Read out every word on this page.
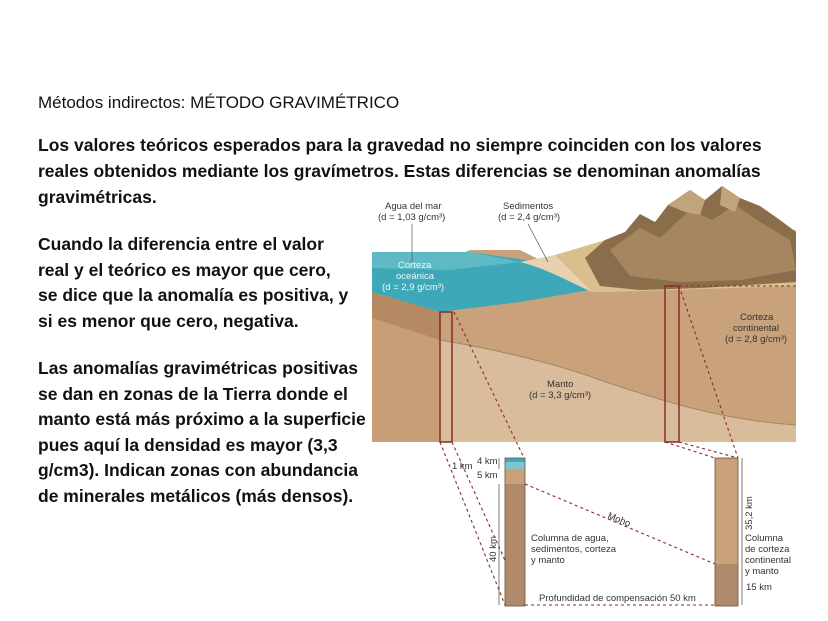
Métodos indirectos: MÉTODO GRAVIMÉTRICO
Los valores teóricos esperados para la gravedad no siempre coinciden con los valores
reales obtenidos mediante los gravímetros. Estas diferencias se denominan anomalías
gravimétricas.
Cuando la diferencia entre el valor
real y el teórico es mayor que cero,
se dice que la anomalía es positiva, y
si es menor que cero, negativa.
Las anomalías gravimétricas positivas
se dan en zonas de la Tierra donde el
manto está más próximo a la superficie
pues aquí la densidad es mayor (3,3
g/cm3). Indican zonas con abundancia
de minerales metálicos (más densos).
Agua del mar
(d = 1,03 g/cm³)
Sedimentos
(d = 2,4 g/cm³)
Corteza
oceánica
(d = 2,9 g/cm³)
Corteza
continental
(d = 2,8 g/cm³)
Manto
(d = 3,3 g/cm³)
1 km 4 km
5 km
40 km
35,2 km
15 km
Moho
Columna de agua,
sedimentos, corteza
y manto
Columna
de corteza
continental
y manto
Profundidad de compensación 50 km
